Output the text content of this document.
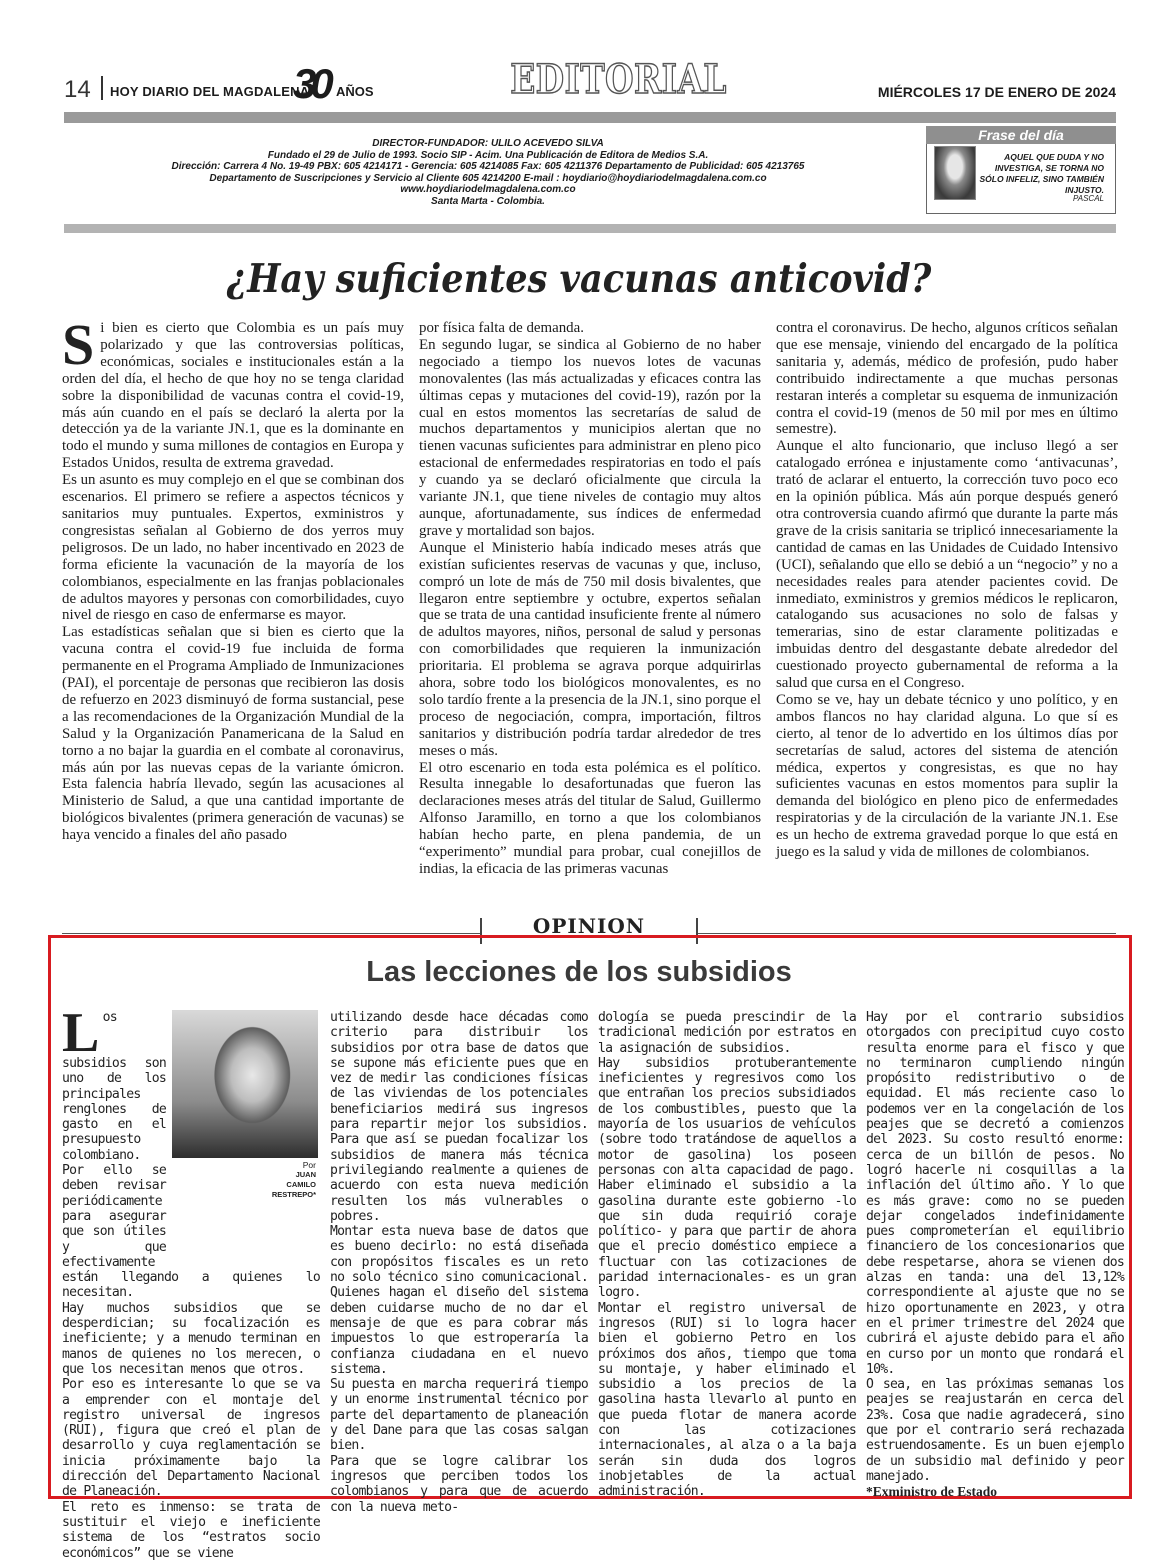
14 HOY DIARIO DEL MAGDALENA
30 AÑOS	EDITORIAL	MIÉRCOLES 17 DE ENERO DE 2024
DIRECTOR-FUNDADOR: ULILO ACEVEDO SILVA
Fundado el 29 de Julio de 1993. Socio SIP - Acim. Una Publicación de Editora de Medios S.A.
Dirección: Carrera 4 No. 19-49 PBX: 605 4214171 - Gerencia: 605 4214085 Fax: 605 4211376 Departamento de Publicidad: 605 4213765
Departamento de Suscripciones y Servicio al Cliente 605 4214200 E-mail : hoydiario@hoydiariodelmagdalena.com.co
www.hoydiariodelmagdalena.com.co
Santa Marta - Colombia.
Frase del día
AQUEL QUE DUDA Y NO INVESTIGA, SE TORNA NO SÓLO INFELIZ, SINO TAMBIÉN INJUSTO.
PASCAL
¿Hay suficientes vacunas anticovid?
S i bien es cierto que Colombia es un país muy polarizado y que las controversias políticas, económicas, sociales e institucionales están a la orden del día, el hecho de que hoy no se tenga claridad sobre la disponibilidad de vacunas contra el covid-19, más aún cuando en el país se declaró la alerta por la detección ya de la variante JN.1, que es la dominante en todo el mundo y suma millones de contagios en Europa y Estados Unidos, resulta de extrema gravedad.

Es un asunto es muy complejo en el que se combinan dos escenarios. El primero se refiere a aspectos técnicos y sanitarios muy puntuales. Expertos, exministros y congresistas señalan al Gobierno de dos yerros muy peligrosos. De un lado, no haber incentivado en 2023 de forma eficiente la vacunación de la mayoría de los colombianos, especialmente en las franjas poblacionales de adultos mayores y personas con comorbilidades, cuyo nivel de riesgo en caso de enfermarse es mayor.

Las estadísticas señalan que si bien es cierto que la vacuna contra el covid-19 fue incluida de forma permanente en el Programa Ampliado de Inmunizaciones (PAI), el porcentaje de personas que recibieron las dosis de refuerzo en 2023 disminuyó de forma sustancial, pese a las recomendaciones de la Organización Mundial de la Salud y la Organización Panamericana de la Salud en torno a no bajar la guardia en el combate al coronavirus, más aún por las nuevas cepas de la variante ómicron. Esta falencia habría llevado, según las acusaciones al Ministerio de Salud, a que una cantidad importante de biológicos bivalentes (primera generación de vacunas) se haya vencido a finales del año pasado

por física falta de demanda.

En segundo lugar, se sindica al Gobierno de no haber negociado a tiempo los nuevos lotes de vacunas monovalentes (las más actualizadas y eficaces contra las últimas cepas y mutaciones del covid-19), razón por la cual en estos momentos las secretarías de salud de muchos departamentos y municipios alertan que no tienen vacunas suficientes para administrar en pleno pico estacional de enfermedades respiratorias en todo el país y cuando ya se declaró oficialmente que circula la variante JN.1, que tiene niveles de contagio muy altos aunque, afortunadamente, sus índices de enfermedad grave y mortalidad son bajos.

Aunque el Ministerio había indicado meses atrás que existían suficientes reservas de vacunas y que, incluso, compró un lote de más de 750 mil dosis bivalentes, que llegaron entre septiembre y octubre, expertos señalan que se trata de una cantidad insuficiente frente al número de adultos mayores, niños, personal de salud y personas con comorbilidades que requieren la inmunización prioritaria. El problema se agrava porque adquirirlas ahora, sobre todo los biológicos monovalentes, es no solo tardío frente a la presencia de la JN.1, sino porque el proceso de negociación, compra, importación, filtros sanitarios y distribución podría tardar alrededor de tres meses o más.

El otro escenario en toda esta polémica es el político. Resulta innegable lo desafortunadas que fueron las declaraciones meses atrás del titular de Salud, Guillermo Alfonso Jaramillo, en torno a que los colombianos habían hecho parte, en plena pandemia, de un “experimento” mundial para probar, cual conejillos de indias, la eficacia de las primeras vacunas

contra el coronavirus. De hecho, algunos críticos señalan que ese mensaje, viniendo del encargado de la política sanitaria y, además, médico de profesión, pudo haber contribuido indirectamente a que muchas personas restaran interés a completar su esquema de inmunización contra el covid-19 (menos de 50 mil por mes en último semestre).

Aunque el alto funcionario, que incluso llegó a ser catalogado errónea e injustamente como ‘antivacunas’, trató de aclarar el entuerto, la corrección tuvo poco eco en la opinión pública. Más aún porque después generó otra controversia cuando afirmó que durante la parte más grave de la crisis sanitaria se triplicó innecesariamente la cantidad de camas en las Unidades de Cuidado Intensivo (UCI), señalando que ello se debió a un “negocio” y no a necesidades reales para atender pacientes covid. De inmediato, exministros y gremios médicos le replicaron, catalogando sus acusaciones no solo de falsas y temerarias, sino de estar claramente politizadas e imbuidas dentro del desgastante debate alrededor del cuestionado proyecto gubernamental de reforma a la salud que cursa en el Congreso.

Como se ve, hay un debate técnico y uno político, y en ambos flancos no hay claridad alguna. Lo que sí es cierto, al tenor de lo advertido en los últimos días por secretarías de salud, actores del sistema de atención médica, expertos y congresistas, es que no hay suficientes vacunas en estos momentos para suplir la demanda del biológico en pleno pico de enfermedades respiratorias y de la circulación de la variante JN.1. Ese es un hecho de extrema gravedad porque lo que está en juego es la salud y vida de millones de colombianos.

OPINION
Las lecciones de los subsidios
Por
JUAN
CAMILO
RESTREPO*
L os subsidios son uno de los principales renglones de gasto en el presupuesto colombiano. Por ello se deben revisar periódicamente para asegurar que son útiles y que efectivamente están llegando a quienes lo necesitan.

Hay muchos subsidios que se desperdician; su focalización es ineficiente; y a menudo terminan en manos de quienes no los merecen, o que los necesitan menos que otros.

Por eso es interesante lo que se va a emprender con el montaje del registro universal de ingresos (RUI), figura que creó el plan de desarrollo y cuya reglamentación se inicia próximamente bajo la dirección del Departamento Nacional de Planeación.

El reto es inmenso: se trata de sustituir el viejo e ineficiente sistema de los “estratos socio económicos” que se viene

utilizando desde hace décadas como criterio para distribuir los subsidios por otra base de datos que se supone más eficiente pues que en vez de medir las condiciones físicas de las viviendas de los potenciales beneficiarios medirá sus ingresos para repartir mejor los subsidios. Para que así se puedan focalizar los subsidios de manera más técnica privilegiando realmente a quienes de acuerdo con esta nueva medición resulten los más vulnerables o pobres.

Montar esta nueva base de datos que es bueno decirlo: no está diseñada con propósitos fiscales es un reto no solo técnico sino comunicacional. Quienes hagan el diseño del sistema deben cuidarse mucho de no dar el mensaje de que es para cobrar más impuestos lo que estroperaría la confianza ciudadana en el nuevo sistema.

Su puesta en marcha requerirá tiempo y un enorme instrumental técnico por parte del departamento de planeación y del Dane para que las cosas salgan bien.

Para que se logre calibrar los ingresos que perciben todos los colombianos y para que de acuerdo con la nueva meto-

dología se pueda prescindir de la tradicional medición por estratos en la asignación de subsidios.

Hay subsidios protuberantemente ineficientes y regresivos como los que entrañan los precios subsidiados de los combustibles, puesto que la mayoría de los usuarios de vehículos (sobre todo tratándose de aquellos a motor de gasolina) los poseen personas con alta capacidad de pago.

Haber eliminado el subsidio a la gasolina durante este gobierno -lo que sin duda requirió coraje político- y para que partir de ahora que el precio doméstico empiece a fluctuar con las cotizaciones de paridad internacionales- es un gran logro.

Montar el registro universal de ingresos (RUI) si lo logra hacer bien el gobierno Petro en los próximos dos años, tiempo que toma su montaje, y haber eliminado el subsidio a los precios de la gasolina hasta llevarlo al punto en que pueda flotar de manera acorde con las cotizaciones internacionales, al alza o a la baja serán sin duda dos logros inobjetables de la actual administración.

Hay por el contrario subsidios otorgados con precipitud cuyo costo resulta enorme para el fisco y que no terminaron cumpliendo ningún propósito redistributivo o de equidad. El más reciente caso lo podemos ver en la congelación de los peajes que se decretó a comienzos del 2023. Su costo resultó enorme: cerca de un billón de pesos. No logró hacerle ni cosquillas a la inflación del último año. Y lo que es más grave: como no se pueden dejar congelados indefinidamente pues comprometerían el equilibrio financiero de los concesionarios que debe respetarse, ahora se vienen dos alzas en tanda: una del 13,12% correspondiente al ajuste que no se hizo oportunamente en 2023, y otra en el primer trimestre del 2024 que cubrirá el ajuste debido para el año en curso por un monto que rondará el 10%.

O sea, en las próximas semanas los peajes se reajustarán en cerca del 23%. Cosa que nadie agradecerá, sino que por el contrario será rechazada estruendosamente. Es un buen ejemplo de un subsidio mal definido y peor manejado.

*Exministro de Estado
